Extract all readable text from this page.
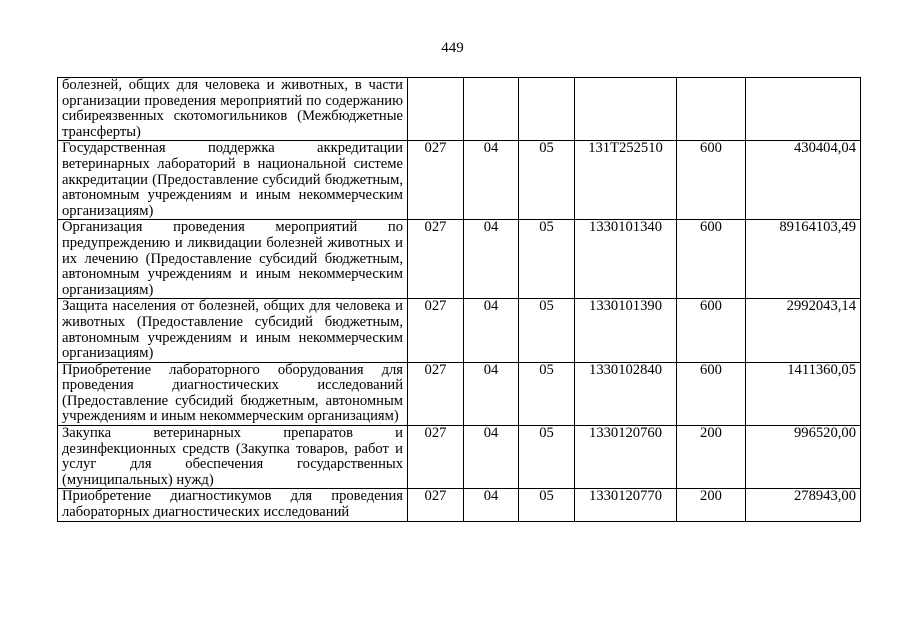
449
болезней, общих для человека и животных, в части организации проведения мероприятий по содержанию сибиреязвенных скотомогильников (Межбюджетные трансферты)						
Государственная поддержка аккредитации ветеринарных лабораторий в национальной системе аккредитации (Предоставление субсидий бюджетным, автономным учреждениям и иным некоммерческим организациям)	027	04	05	131Т252510	600	430404,04
Организация проведения мероприятий по предупреждению и ликвидации болезней животных и их лечению (Предоставление субсидий бюджетным, автономным учреждениям и иным некоммерческим организациям)	027	04	05	1330101340	600	89164103,49
Защита населения от болезней, общих для человека и животных (Предоставление субсидий бюджетным, автономным учреждениям и иным некоммерческим организациям)	027	04	05	1330101390	600	2992043,14
Приобретение лабораторного оборудования для проведения диагностических исследований (Предоставление субсидий бюджетным, автономным учреждениям и иным некоммерческим организациям)	027	04	05	1330102840	600	1411360,05
Закупка ветеринарных препаратов и дезинфекционных средств (Закупка товаров, работ и услуг для обеспечения государственных (муниципальных) нужд)	027	04	05	1330120760	200	996520,00
Приобретение диагностикумов для проведения лабораторных диагностических исследований	027	04	05	1330120770	200	278943,00
